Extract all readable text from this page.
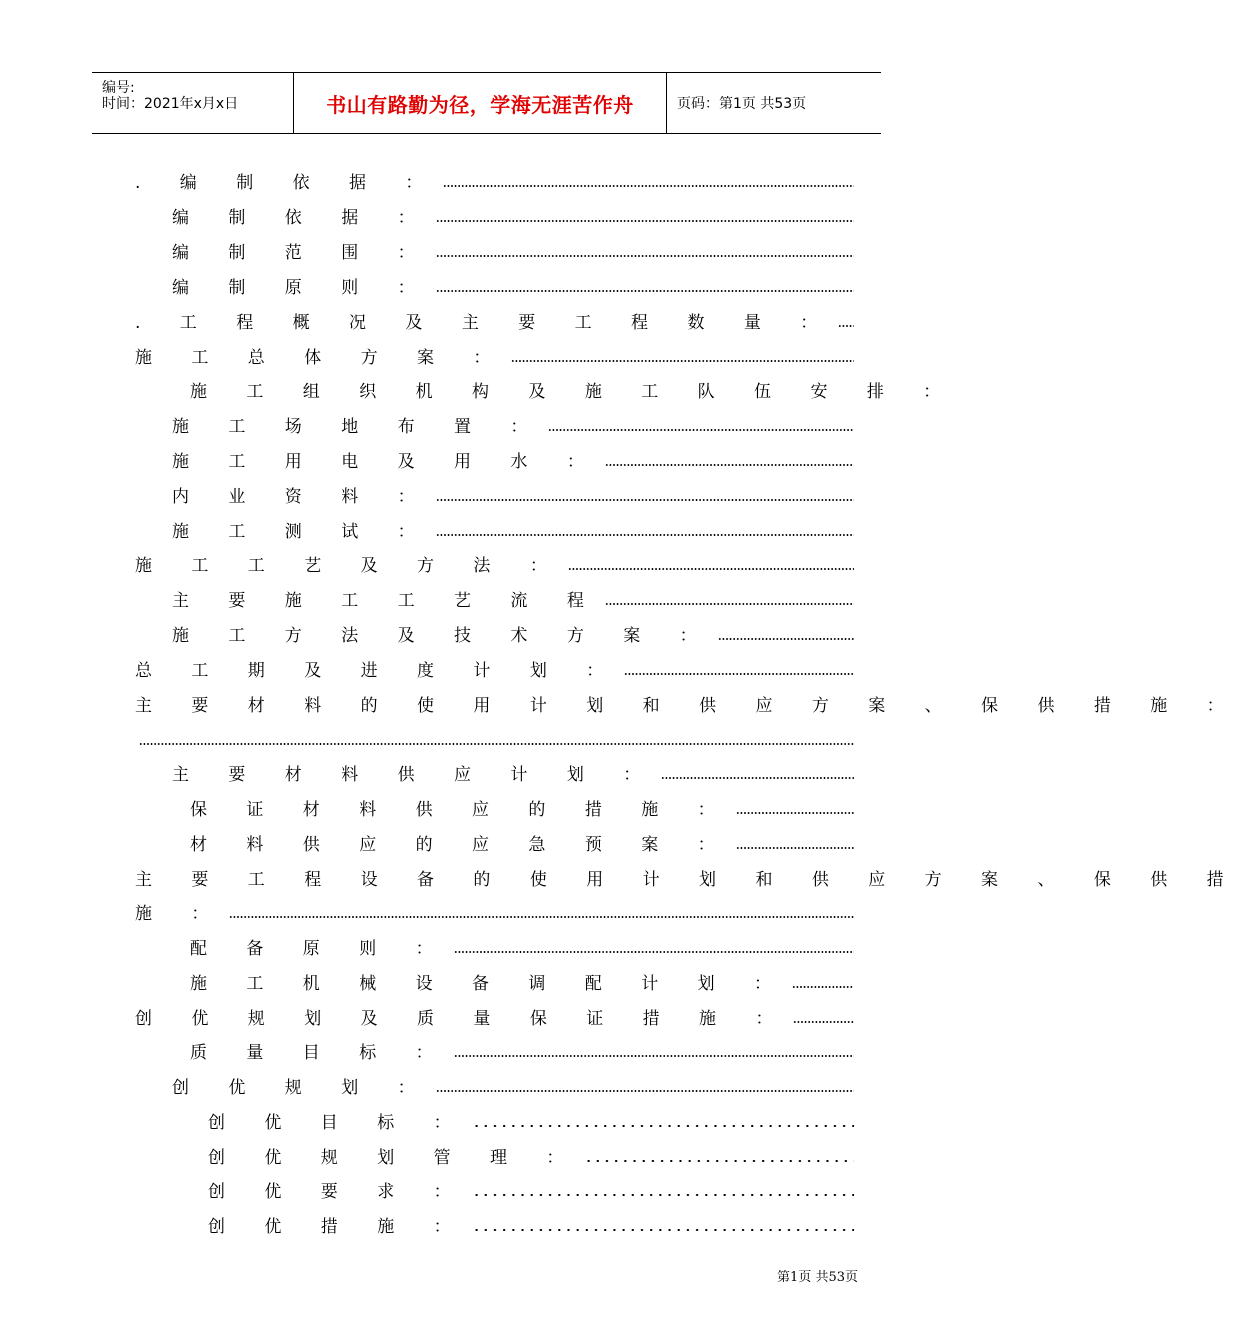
编号:
时间：2021年x月x日	书山有路勤为径，学海无涯苦作舟	页码：第1页 共53页
. 编 制 依 据 ：
编 制 依 据 ：
编 制 范 围 ：
编 制 原 则 ：
. 工 程 概 况 及 主 要 工 程 数 量 ：
施 工 总 体 方 案 ：
施 工 组 织 机 构 及 施 工 队 伍 安 排 ：
施 工 场 地 布 置 ：
施 工 用 电 及 用 水 ：
内 业 资 料 ：
施 工 测 试 ：
施 工 工 艺 及 方 法 ：
主 要 施 工 工 艺 流 程
施 工 方 法 及 技 术 方 案 ：
总 工 期 及 进 度 计 划 ：
主 要 材 料 的 使 用 计 划 和 供 应 方 案 、 保 供 措 施 ：
主 要 材 料 供 应 计 划 ：
保 证 材 料 供 应 的 措 施 ：
材 料 供 应 的 应 急 预 案 ：
主 要 工 程 设 备 的 使 用 计 划 和 供 应 方 案 、 保 供 措
施 ：
配 备 原 则 ：
施 工 机 械 设 备 调 配 计 划 ：
创 优 规 划 及 质 量 保 证 措 施 ：
质 量 目 标 ：
创 优 规 划 ：
创 优 目 标 ：
创 优 规 划 管 理 ：
创 优 要 求 ：
创 优 措 施 ：
第1页 共53页
